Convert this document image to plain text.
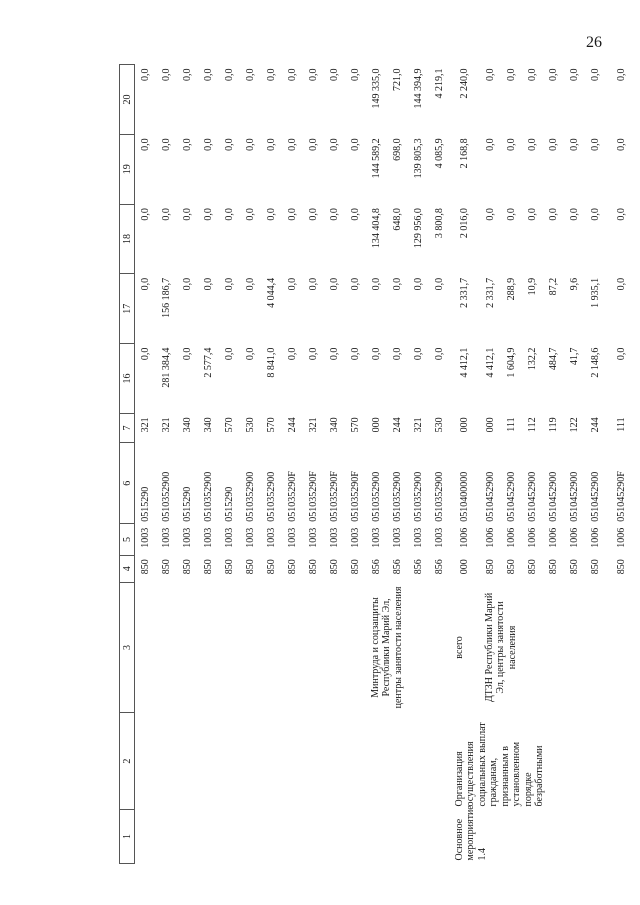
26
1	2	3	4	5	6	7	16	17	18	19	20
			850	1003	0515290	321	0,0	0,0	0,0	0,0	0,0
			850	1003	0510352900	321	281 384,4	156 186,7	0,0	0,0	0,0
			850	1003	0515290	340	0,0	0,0	0,0	0,0	0,0
			850	1003	0510352900	340	2 577,4	0,0	0,0	0,0	0,0
			850	1003	0515290	570	0,0	0,0	0,0	0,0	0,0
			850	1003	0510352900	530	0,0	0,0	0,0	0,0	0,0
			850	1003	0510352900	570	8 841,0	4 044,4	0,0	0,0	0,0
			850	1003	051035290F	244	0,0	0,0	0,0	0,0	0,0
			850	1003	051035290F	321	0,0	0,0	0,0	0,0	0,0
			850	1003	051035290F	340	0,0	0,0	0,0	0,0	0,0
			850	1003	051035290F	570	0,0	0,0	0,0	0,0	0,0
		Минтруда и соцзащиты Республики Марий Эл, центры занятости населения	856	1003	0510352900	000	0,0	0,0	134 404,8	144 589,2	149 335,0
			856	1003	0510352900	244	0,0	0,0	648,0	698,0	721,0
			856	1003	0510352900	321	0,0	0,0	129 956,0	139 805,3	144 394,9
			856	1003	0510352900	530	0,0	0,0	3 800,8	4 085,9	4 219,1
Основное мероприятие 1.4	Организация осуществления социальных выплат гражданам, признанным в установленном порядке безработными	всего	000	1006	0510400000	000	4 412,1	2 331,7	2 016,0	2 168,8	2 240,0
		ДТЗН Республики Марий Эл, центры занятости населения	850	1006	0510452900	000	4 412,1	2 331,7	0,0	0,0	0,0
			850	1006	0510452900	111	1 604,9	288,9	0,0	0,0	0,0
			850	1006	0510452900	112	132,2	10,9	0,0	0,0	0,0
			850	1006	0510452900	119	484,7	87,2	0,0	0,0	0,0
			850	1006	0510452900	122	41,7	9,6	0,0	0,0	0,0
			850	1006	0510452900	244	2 148,6	1 935,1	0,0	0,0	0,0
			850	1006	051045290F	111	0,0	0,0	0,0	0,0	0,0
